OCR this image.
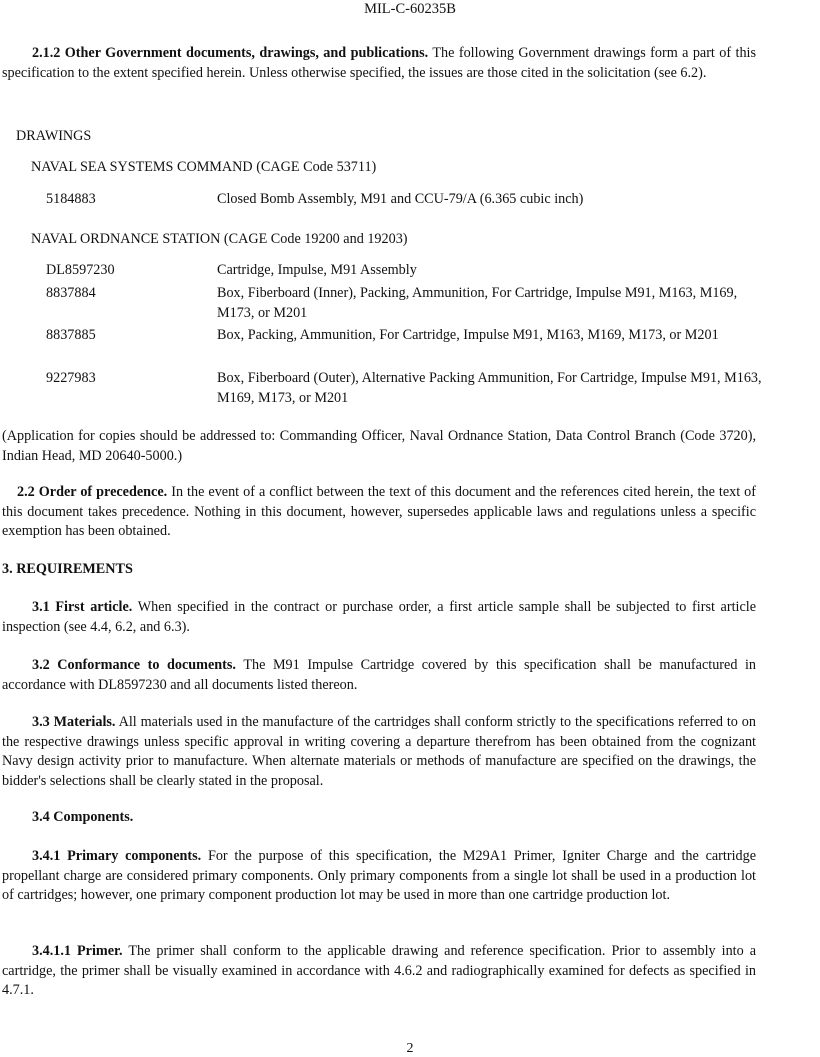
MIL-C-60235B

2.1.2 Other Government documents, drawings, and publications. The following Government drawings form a part of this specification to the extent specified herein. Unless otherwise specified, the issues are those cited in the solicitation (see 6.2).

DRAWINGS
NAVAL SEA SYSTEMS COMMAND (CAGE Code 53711)
5184883	Closed Bomb Assembly, M91 and CCU-79/A (6.365 cubic inch)

NAVAL ORDNANCE STATION (CAGE Code 19200 and 19203)
DL8597230	Cartridge, Impulse, M91 Assembly

8837884	Box, Fiberboard (Inner), Packing, Ammunition, For Cartridge, Impulse M91, M163, M169, M173, or M201

8837885	Box, Packing, Ammunition, For Cartridge, Impulse M91, M163, M169, M173, or M201

9227983	Box, Fiberboard (Outer), Alternative Packing Ammunition, For Cartridge, Impulse M91, M163, M169, M173, or M201

(Application for copies should be addressed to: Commanding Officer, Naval Ordnance Station, Data Control Branch (Code 3720), Indian Head, MD 20640-5000.)

2.2 Order of precedence. In the event of a conflict between the text of this document and the references cited herein, the text of this document takes precedence. Nothing in this document, however, supersedes applicable laws and regulations unless a specific exemption has been obtained.

3. REQUIREMENTS

3.1 First article. When specified in the contract or purchase order, a first article sample shall be subjected to first article inspection (see 4.4, 6.2, and 6.3).

3.2 Conformance to documents. The M91 Impulse Cartridge covered by this specification shall be manufactured in accordance with DL8597230 and all documents listed thereon.

3.3 Materials. All materials used in the manufacture of the cartridges shall conform strictly to the specifications referred to on the respective drawings unless specific approval in writing covering a departure therefrom has been obtained from the cognizant Navy design activity prior to manufacture. When alternate materials or methods of manufacture are specified on the drawings, the bidder's selections shall be clearly stated in the proposal.

3.4 Components.

3.4.1 Primary components. For the purpose of this specification, the M29A1 Primer, Igniter Charge and the cartridge propellant charge are considered primary components. Only primary components from a single lot shall be used in a production lot of cartridges; however, one primary component production lot may be used in more than one cartridge production lot.

3.4.1.1 Primer. The primer shall conform to the applicable drawing and reference specification. Prior to assembly into a cartridge, the primer shall be visually examined in accordance with 4.6.2 and radiographically examined for defects as specified in 4.7.1.

2
